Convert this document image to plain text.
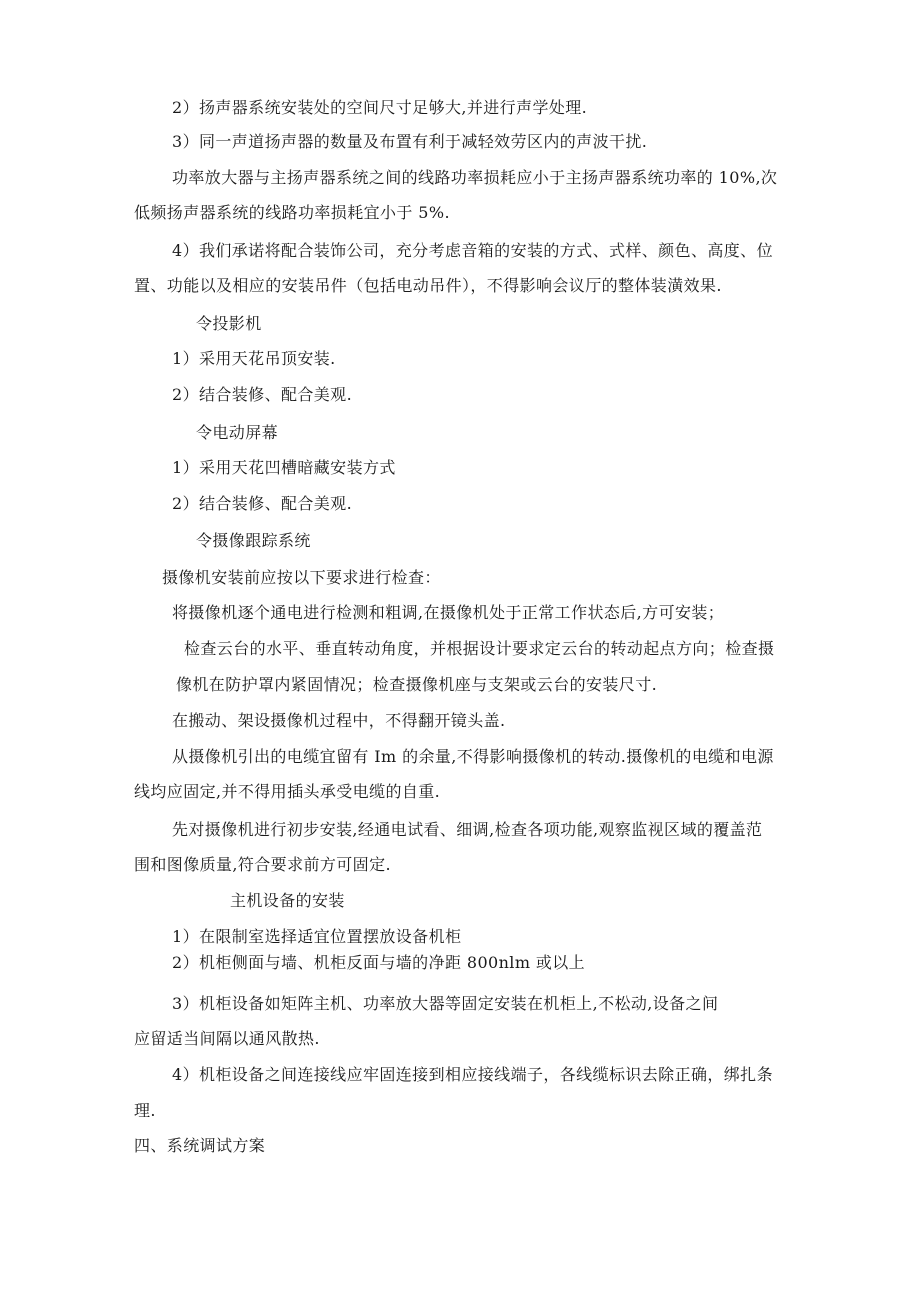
2）扬声器系统安装处的空间尺寸足够大,并进行声学处理.
3）同一声道扬声器的数量及布置有利于减轻效劳区内的声波干扰.
功率放大器与主扬声器系统之间的线路功率损耗应小于主扬声器系统功率的 10%,次
低频扬声器系统的线路功率损耗宜小于 5%.
4）我们承诺将配合装饰公司，充分考虑音箱的安装的方式、式样、颜色、高度、位
置、功能以及相应的安装吊件（包括电动吊件），不得影响会议厅的整体装潢效果.
令投影机
1）采用天花吊顶安装.
2）结合装修、配合美观.
令电动屏幕
1）采用天花凹槽暗藏安装方式
2）结合装修、配合美观.
令摄像跟踪系统
摄像机安装前应按以下要求进行检查：
将摄像机逐个通电进行检测和粗调,在摄像机处于正常工作状态后,方可安装；
检查云台的水平、垂直转动角度，并根据设计要求定云台的转动起点方向；检查摄
像机在防护罩内紧固情况；检查摄像机座与支架或云台的安装尺寸.
在搬动、架设摄像机过程中，不得翻开镜头盖.
从摄像机引出的电缆宜留有 Im 的余量,不得影响摄像机的转动.摄像机的电缆和电源
线均应固定,并不得用插头承受电缆的自重.
先对摄像机进行初步安装,经通电试看、细调,检查各项功能,观察监视区域的覆盖范
围和图像质量,符合要求前方可固定.
主机设备的安装
1）在限制室选择适宜位置摆放设备机柜
2）机柜侧面与墙、机柜反面与墙的净距 800nlm 或以上
3）机柜设备如矩阵主机、功率放大器等固定安装在机柜上,不松动,设备之间
应留适当间隔以通风散热.
4）机柜设备之间连接线应牢固连接到相应接线端子，各线缆标识去除正确，绑扎条
理.
四、系统调试方案
